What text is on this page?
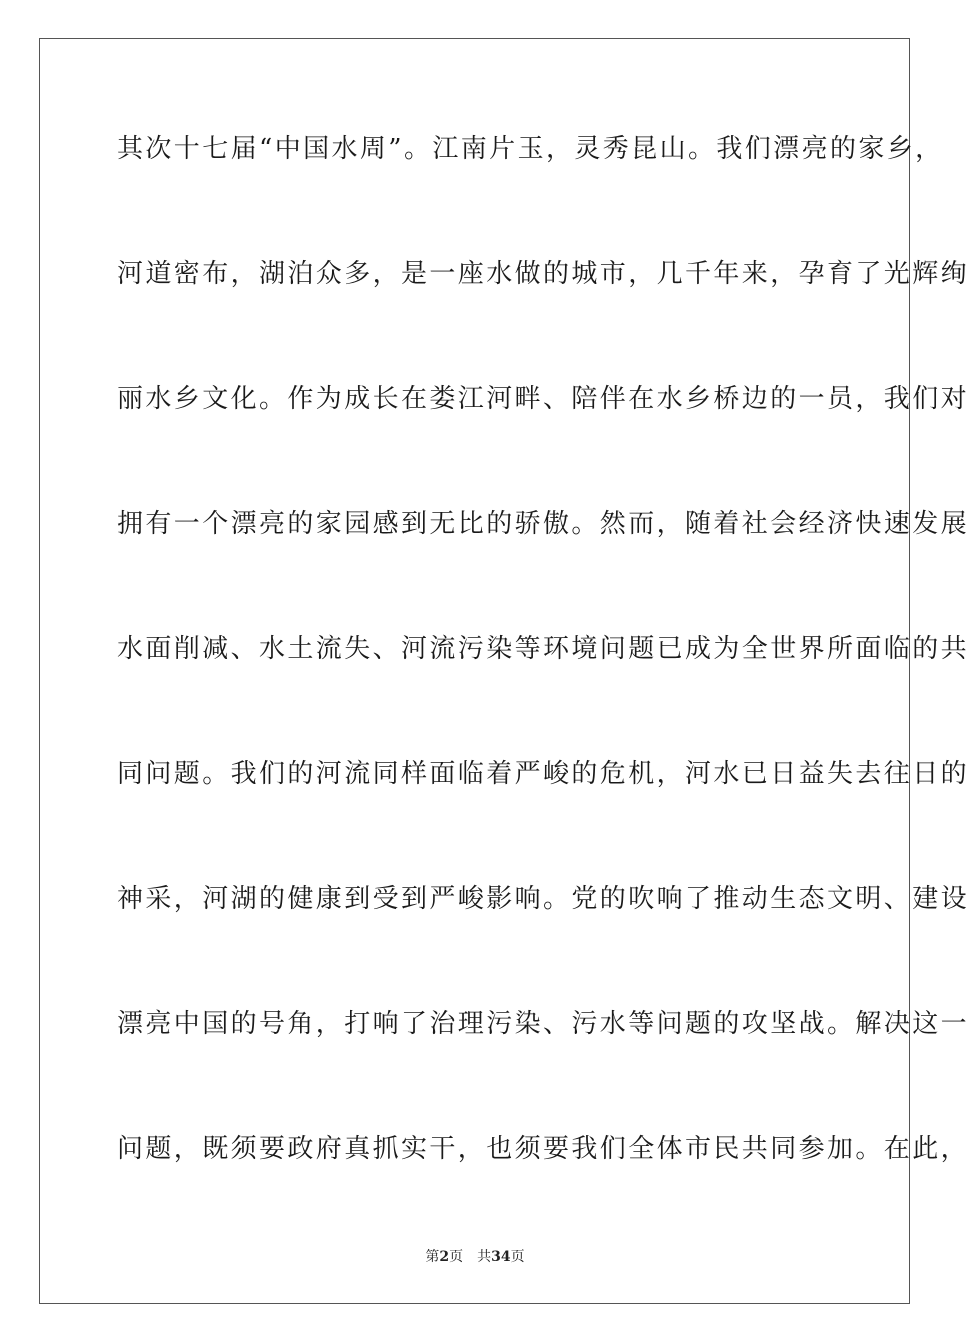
其次十七届“中国水周”。江南片玉，灵秀昆山。我们漂亮的家乡，
河道密布，湖泊众多，是一座水做的城市，几千年来，孕育了光辉绚
丽水乡文化。作为成长在娄江河畔、陪伴在水乡桥边的一员，我们对
拥有一个漂亮的家园感到无比的骄傲。然而，随着社会经济快速发展
水面削减、水土流失、河流污染等环境问题已成为全世界所面临的共
同问题。我们的河流同样面临着严峻的危机，河水已日益失去往日的
神采，河湖的健康到受到严峻影响。党的吹响了推动生态文明、建设
漂亮中国的号角，打响了治理污染、污水等问题的攻坚战。解决这一
问题，既须要政府真抓实干，也须要我们全体市民共同参加。在此，
第2页 共34页
